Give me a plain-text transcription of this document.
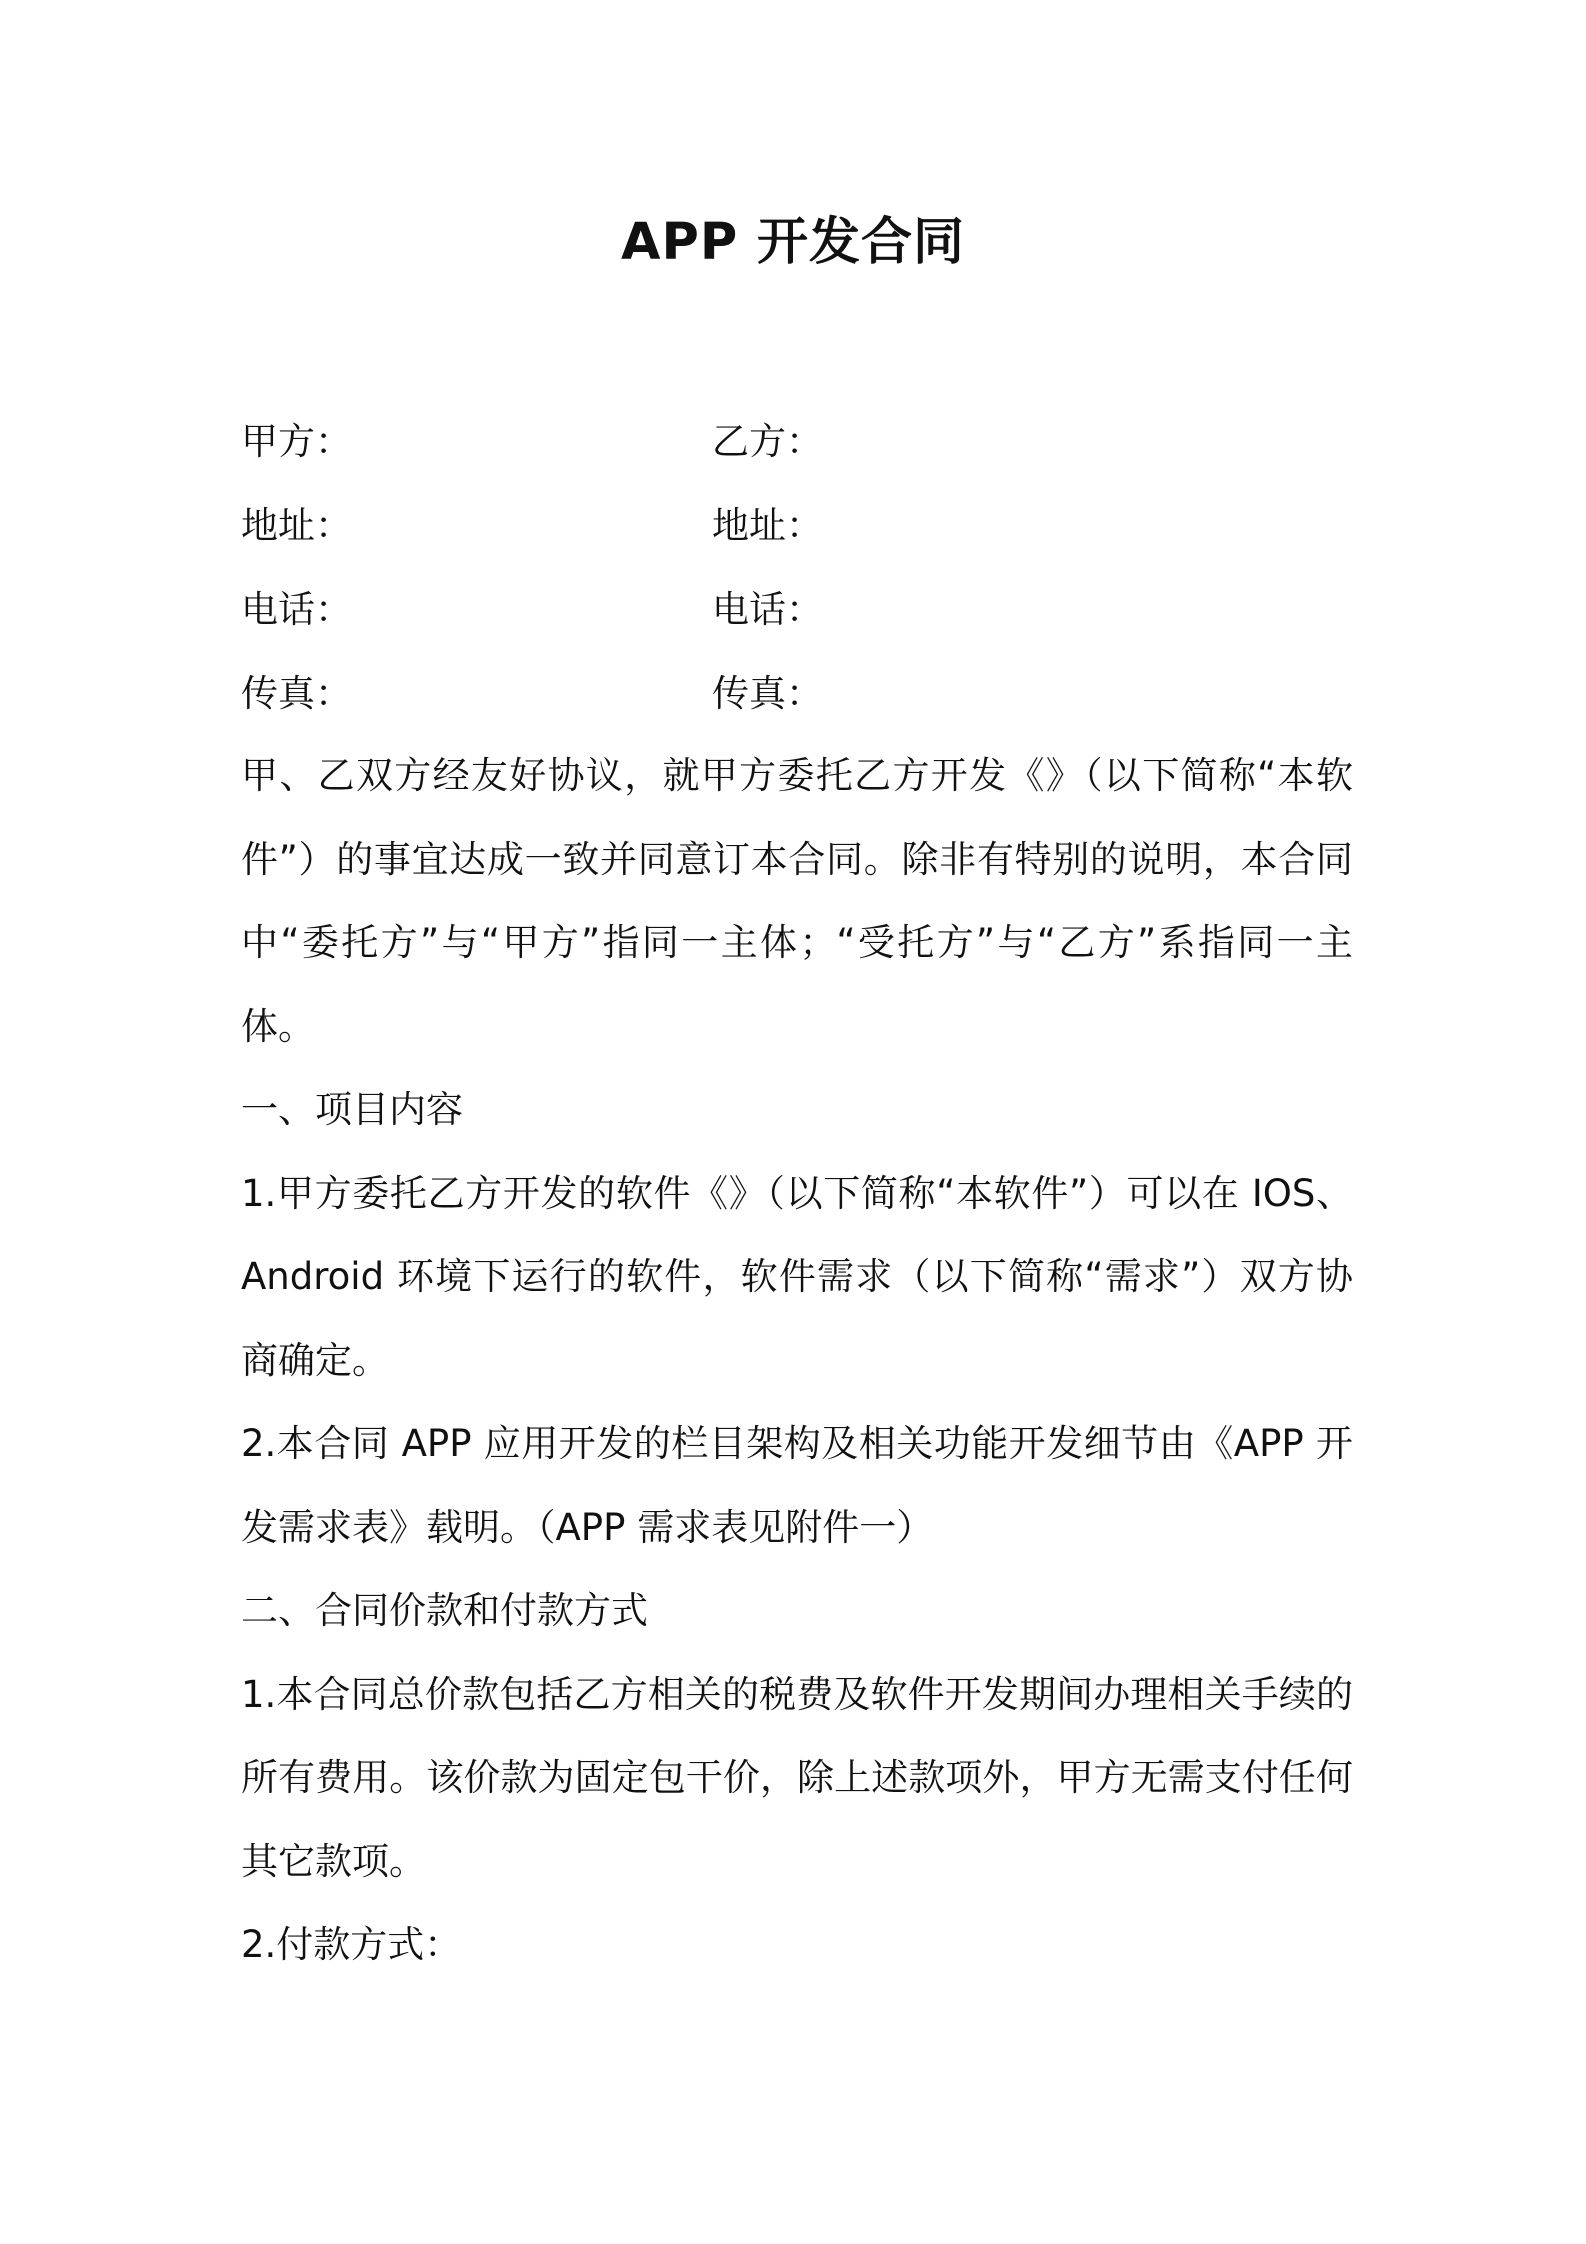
APP 开发合同
甲方：	乙方：
地址：	地址：
电话：	电话：
传真：	传真：

甲、乙双方经友好协议，就甲方委托乙方开发《》（以下简称“本软件”）的事宜达成一致并同意订本合同。除非有特别的说明，本合同中“委托方”与“甲方”指同一主体；“受托方”与“乙方”系指同一主体。

一、项目内容

1.甲方委托乙方开发的软件《》（以下简称“本软件”）可以在 IOS、Android 环境下运行的软件，软件需求（以下简称“需求”）双方协商确定。

2.本合同 APP 应用开发的栏目架构及相关功能开发细节由《APP 开发需求表》载明。（APP 需求表见附件一）

二、合同价款和付款方式

1.本合同总价款包括乙方相关的税费及软件开发期间办理相关手续的所有费用。该价款为固定包干价，除上述款项外，甲方无需支付任何其它款项。

2.付款方式：
